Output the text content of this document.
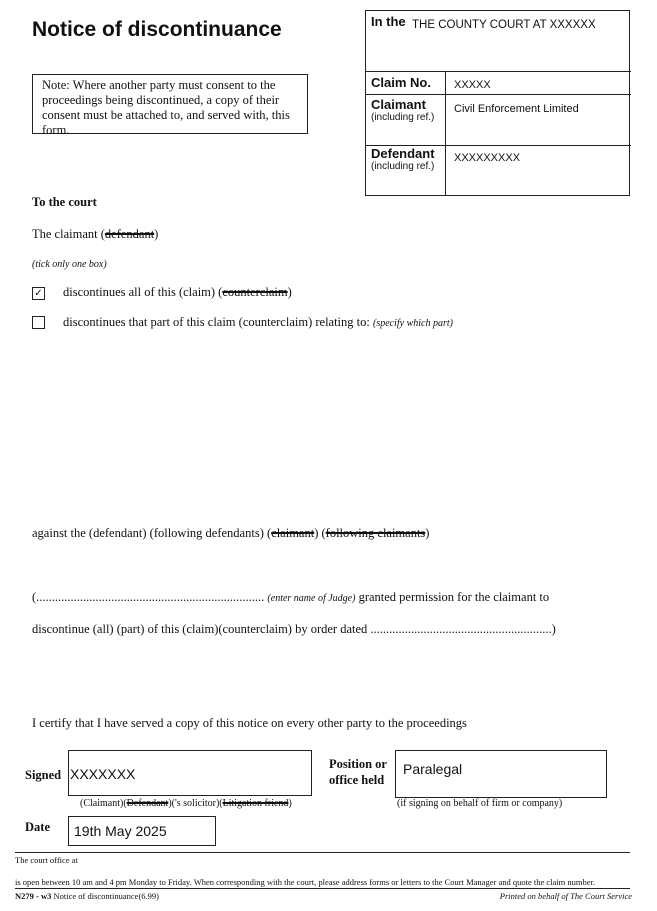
Notice of discontinuance
Note: Where another party must consent to the proceedings being discontinued, a copy of their consent must be attached to, and served with, this form.
In the THE COUNTY COURT AT XXXXXX
Claim No. XXXXX
Claimant
(including ref.)
Civil Enforcement Limited
Defendant
(including ref.)
XXXXXXXXX
To the court
The claimant (defendant)
(tick only one box)
✓ discontinues all of this (claim) (counterclaim)
discontinues that part of this claim (counterclaim) relating to: (specify which part)
against the (defendant) (following defendants) (claimant) (following claimants)
(......................................................................... (enter name of Judge) granted permission for the claimant to
discontinue (all) (part) of this (claim)(counterclaim) by order dated ..........................................................)
I certify that I have served a copy of this notice on every other party to the proceedings
Signed XXXXXXX
(Claimant)(Defendant)('s solicitor)(Litigation friend)
Position or
office held
Paralegal
(if signing on behalf of firm or company)
Date 19th May 2025
The court office at
is open between 10 am and 4 pm Monday to Friday. When corresponding with the court, please address forms or letters to the Court Manager and quote the claim number.
N279 - w3 Notice of discontinuance(6.99)	Printed on behalf of The Court Service
